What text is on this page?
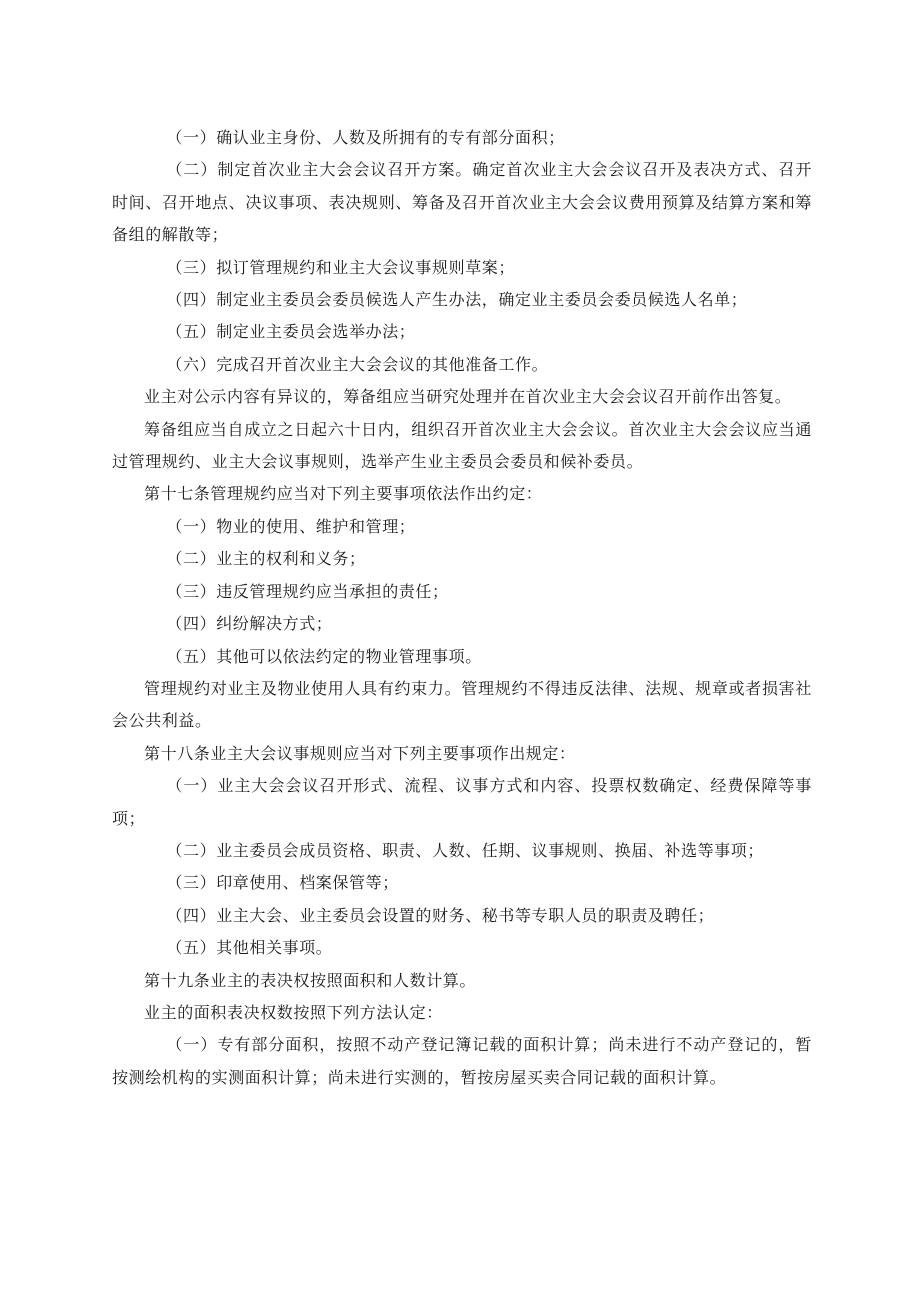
（一）确认业主身份、人数及所拥有的专有部分面积；

（二）制定首次业主大会会议召开方案。确定首次业主大会会议召开及表决方式、召开时间、召开地点、决议事项、表决规则、筹备及召开首次业主大会会议费用预算及结算方案和筹备组的解散等；

（三）拟订管理规约和业主大会议事规则草案；

（四）制定业主委员会委员候选人产生办法，确定业主委员会委员候选人名单；

（五）制定业主委员会选举办法；

（六）完成召开首次业主大会会议的其他准备工作。

业主对公示内容有异议的，筹备组应当研究处理并在首次业主大会会议召开前作出答复。

筹备组应当自成立之日起六十日内，组织召开首次业主大会会议。首次业主大会会议应当通过管理规约、业主大会议事规则，选举产生业主委员会委员和候补委员。

第十七条管理规约应当对下列主要事项依法作出约定：

（一）物业的使用、维护和管理；

（二）业主的权利和义务；

（三）违反管理规约应当承担的责任；

（四）纠纷解决方式；

（五）其他可以依法约定的物业管理事项。

管理规约对业主及物业使用人具有约束力。管理规约不得违反法律、法规、规章或者损害社会公共利益。

第十八条业主大会议事规则应当对下列主要事项作出规定：

（一）业主大会会议召开形式、流程、议事方式和内容、投票权数确定、经费保障等事项；

（二）业主委员会成员资格、职责、人数、任期、议事规则、换届、补选等事项；

（三）印章使用、档案保管等；

（四）业主大会、业主委员会设置的财务、秘书等专职人员的职责及聘任；

（五）其他相关事项。

第十九条业主的表决权按照面积和人数计算。

业主的面积表决权数按照下列方法认定：

（一）专有部分面积，按照不动产登记簿记载的面积计算；尚未进行不动产登记的，暂按测绘机构的实测面积计算；尚未进行实测的，暂按房屋买卖合同记载的面积计算。
